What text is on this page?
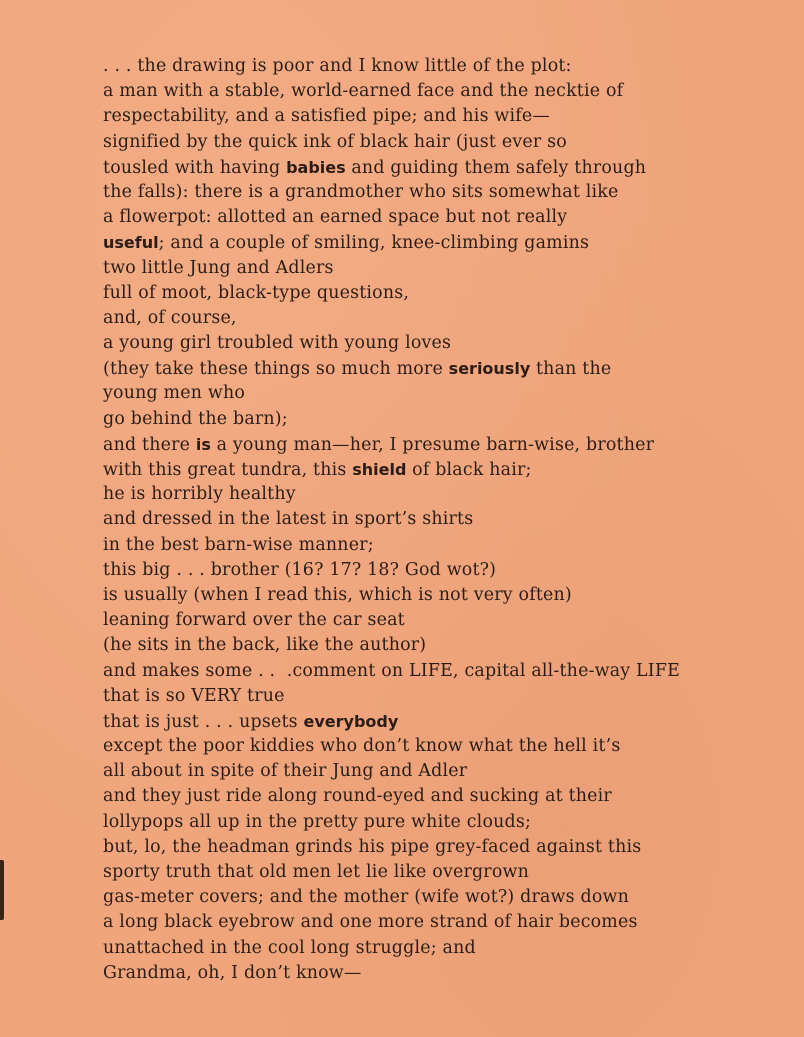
. . . the drawing is poor and I know little of the plot:
a man with a stable, world-earned face and the necktie of
respectability, and a satisfied pipe; and his wife—
signified by the quick ink of black hair (just ever so
tousled with having babies and guiding them safely through
the falls): there is a grandmother who sits somewhat like
a flowerpot: allotted an earned space but not really
useful; and a couple of smiling, knee-climbing gamins
two little Jung and Adlers
full of moot, black-type questions,
and, of course,
a young girl troubled with young loves
(they take these things so much more seriously than the
young men who
go behind the barn);
and there is a young man—her, I presume barn-wise, brother
with this great tundra, this shield of black hair;
he is horribly healthy
and dressed in the latest in sport’s shirts
in the best barn-wise manner;
this big . . . brother (16? 17? 18? God wot?)
is usually (when I read this, which is not very often)
leaning forward over the car seat
(he sits in the back, like the author)
and makes some . .  .comment on LIFE, capital all-the-way LIFE
that is so VERY true
that is just . . . upsets everybody
except the poor kiddies who don’t know what the hell it’s
all about in spite of their Jung and Adler
and they just ride along round-eyed and sucking at their
lollypops all up in the pretty pure white clouds;
but, lo, the headman grinds his pipe grey-faced against this
sporty truth that old men let lie like overgrown
gas-meter covers; and the mother (wife wot?) draws down
a long black eyebrow and one more strand of hair becomes
unattached in the cool long struggle; and
Grandma, oh, I don’t know—
